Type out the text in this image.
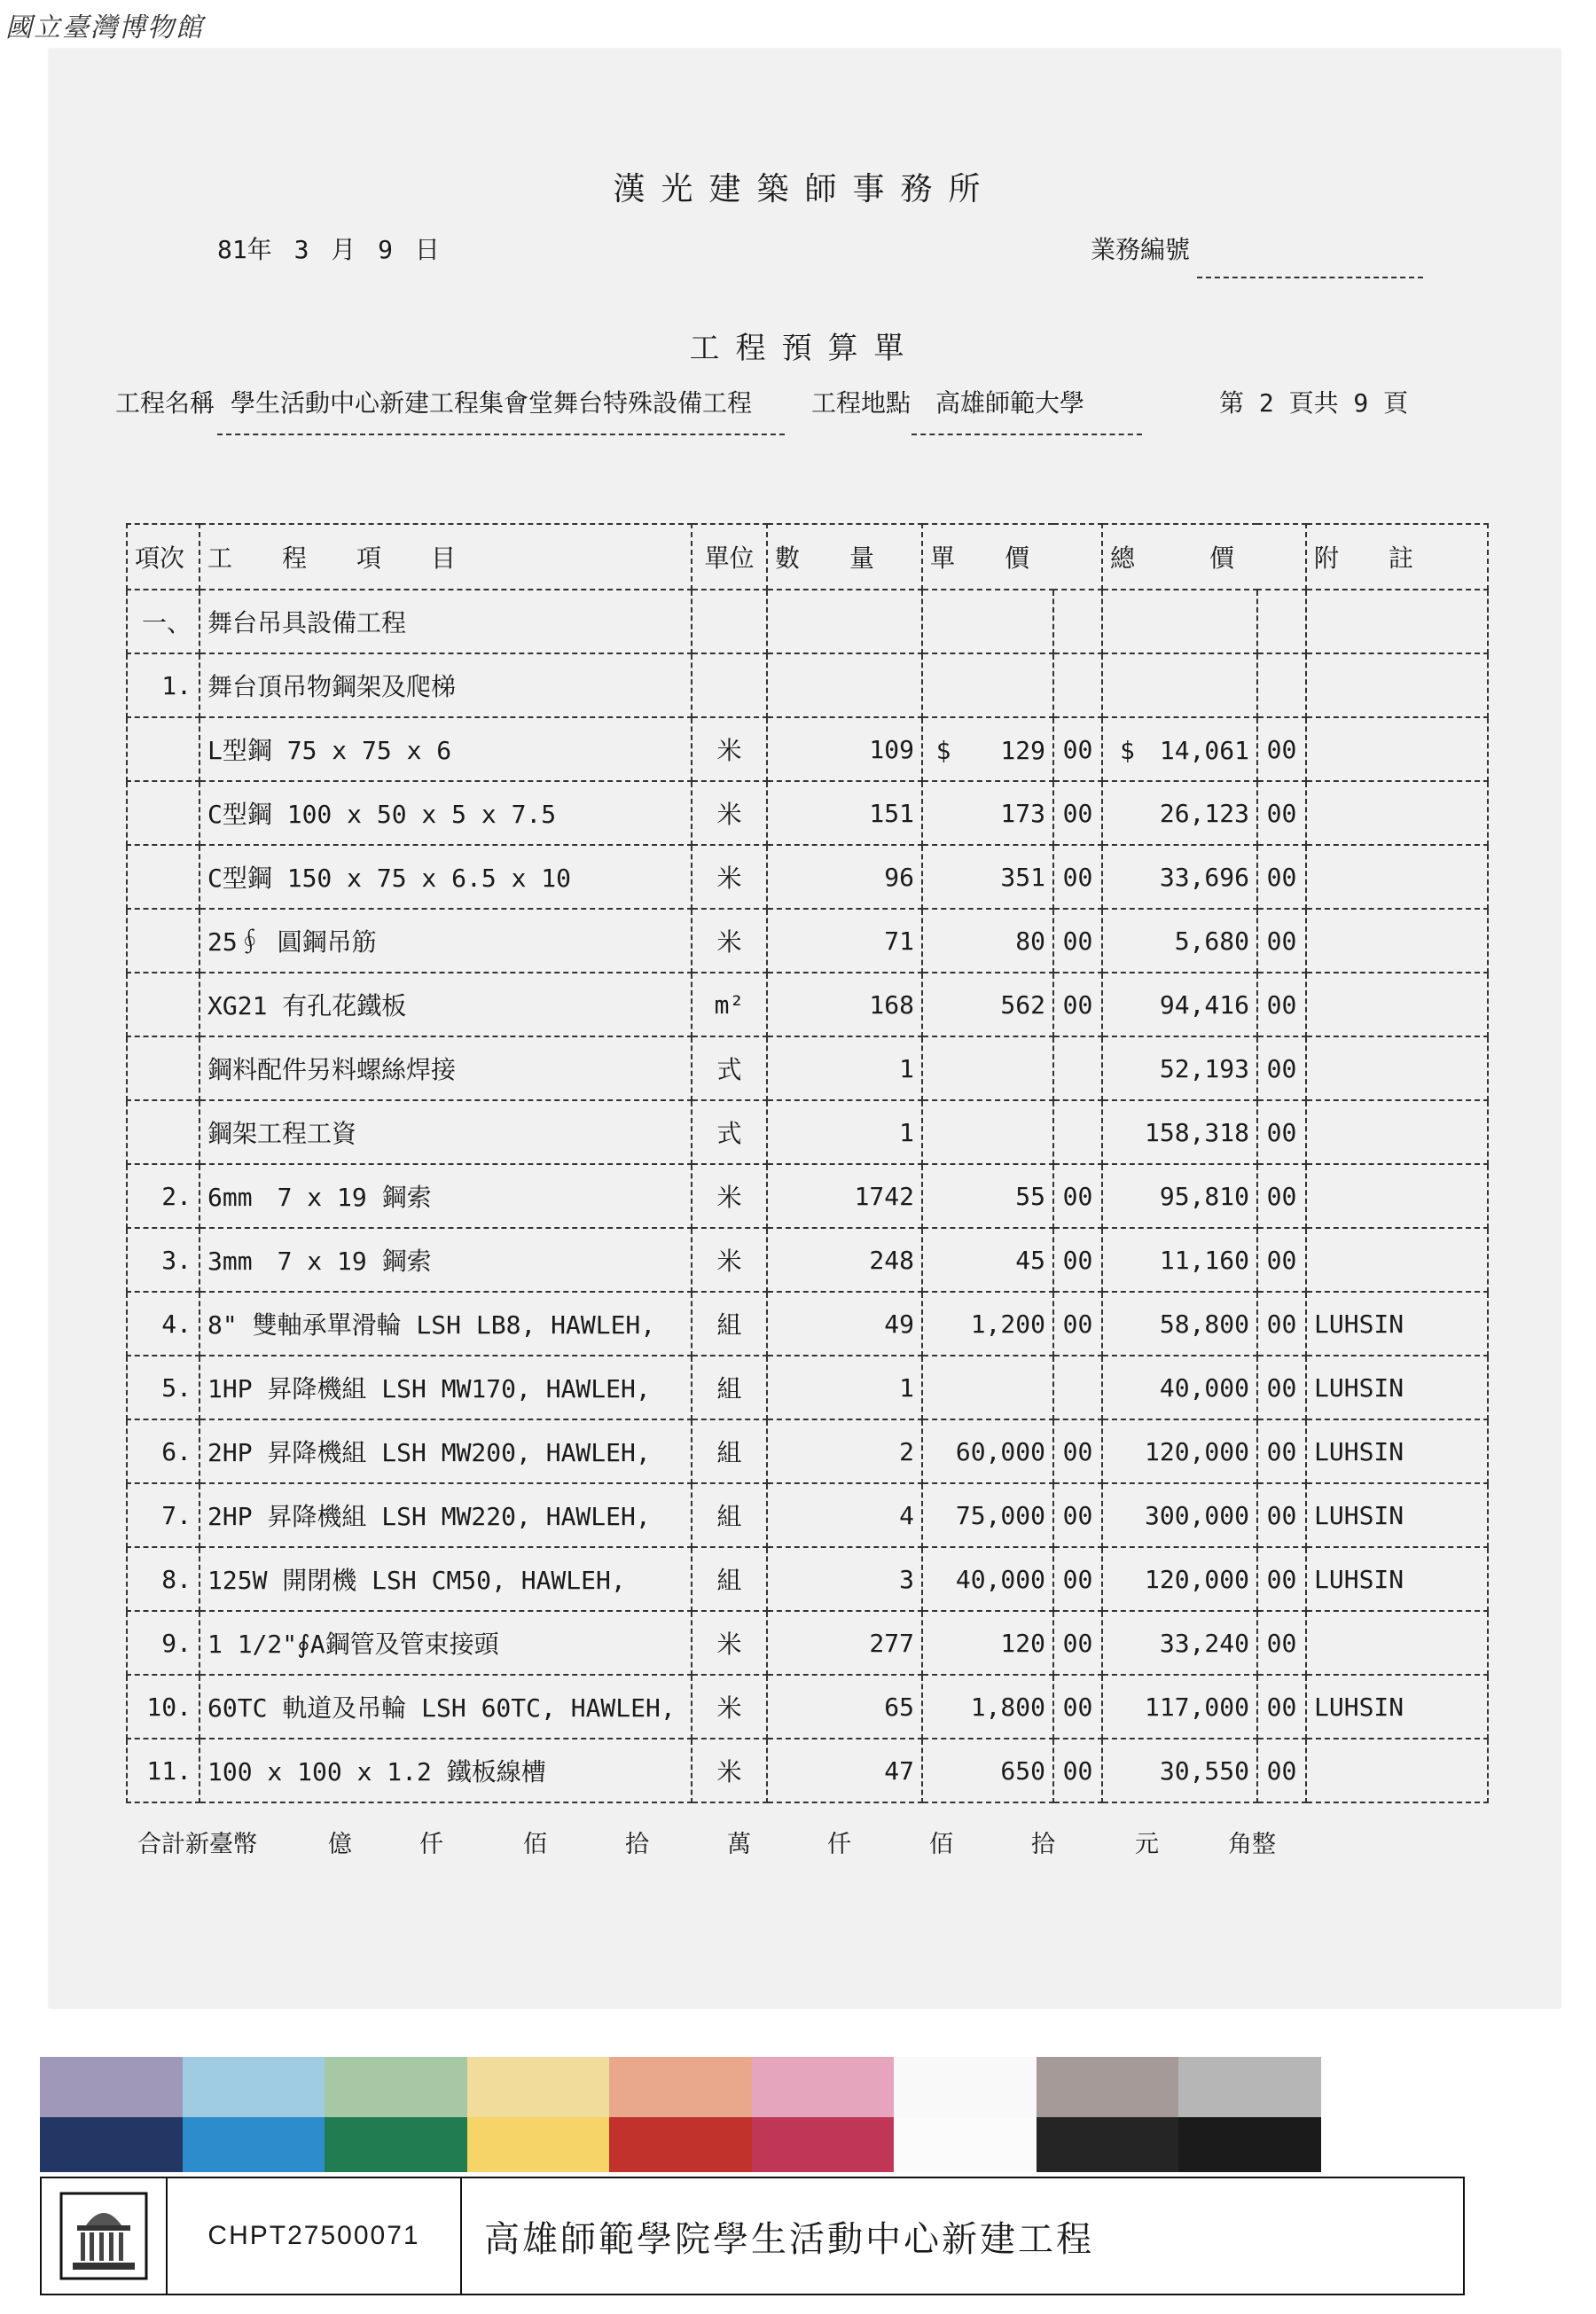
國立臺灣博物館
漢光建築師事務所
81年 3 月 9 日	業務編號
工程預算單
工程名稱 學生活動中心新建工程集會堂舞台特殊設備工程 工程地點 高雄師範大學	第 2 頁共 9 頁
項次	工　　程　　項　　目	單位	數　　量	單　　價		總　　　價		附　　註
一、	舞台吊具設備工程							
1.	舞台頂吊物鋼架及爬梯							
	L型鋼 75 x 75 x 6	米	109	$　　129	00	$　14,061	00	
	C型鋼 100 x 50 x 5 x 7.5	米	151	173	00	26,123	00	
	C型鋼 150 x 75 x 6.5 x 10	米	96	351	00	33,696	00	
	25∮ 圓鋼吊筋	米	71	80	00	5,680	00	
	XG21 有孔花鐵板	m²	168	562	00	94,416	00	
	鋼料配件另料螺絲焊接	式	1			52,193	00	
	鋼架工程工資	式	1			158,318	00	
2.	6mm　7 x 19 鋼索	米	1742	55	00	95,810	00	
3.	3mm　7 x 19 鋼索	米	248	45	00	11,160	00	
4.	8" 雙軸承單滑輪 LSH LB8, HAWLEH,	組	49	1,200	00	58,800	00	LUHSIN
5.	1HP 昇降機組 LSH MW170, HAWLEH,	組	1			40,000	00	LUHSIN
6.	2HP 昇降機組 LSH MW200, HAWLEH,	組	2	60,000	00	120,000	00	LUHSIN
7.	2HP 昇降機組 LSH MW220, HAWLEH,	組	4	75,000	00	300,000	00	LUHSIN
8.	125W 開閉機 LSH CM50, HAWLEH,	組	3	40,000	00	120,000	00	LUHSIN
9.	1 1/2"∮A鋼管及管束接頭	米	277	120	00	33,240	00	
10.	60TC 軌道及吊輪 LSH 60TC, HAWLEH,	米	65	1,800	00	117,000	00	LUHSIN
11.	100 x 100 x 1.2 鐵板線槽	米	47	650	00	30,550	00	
合計新臺幣	億	仟	佰	拾	萬	仟	佰	拾	元	角整
CHPT27500071	高雄師範學院學生活動中心新建工程
